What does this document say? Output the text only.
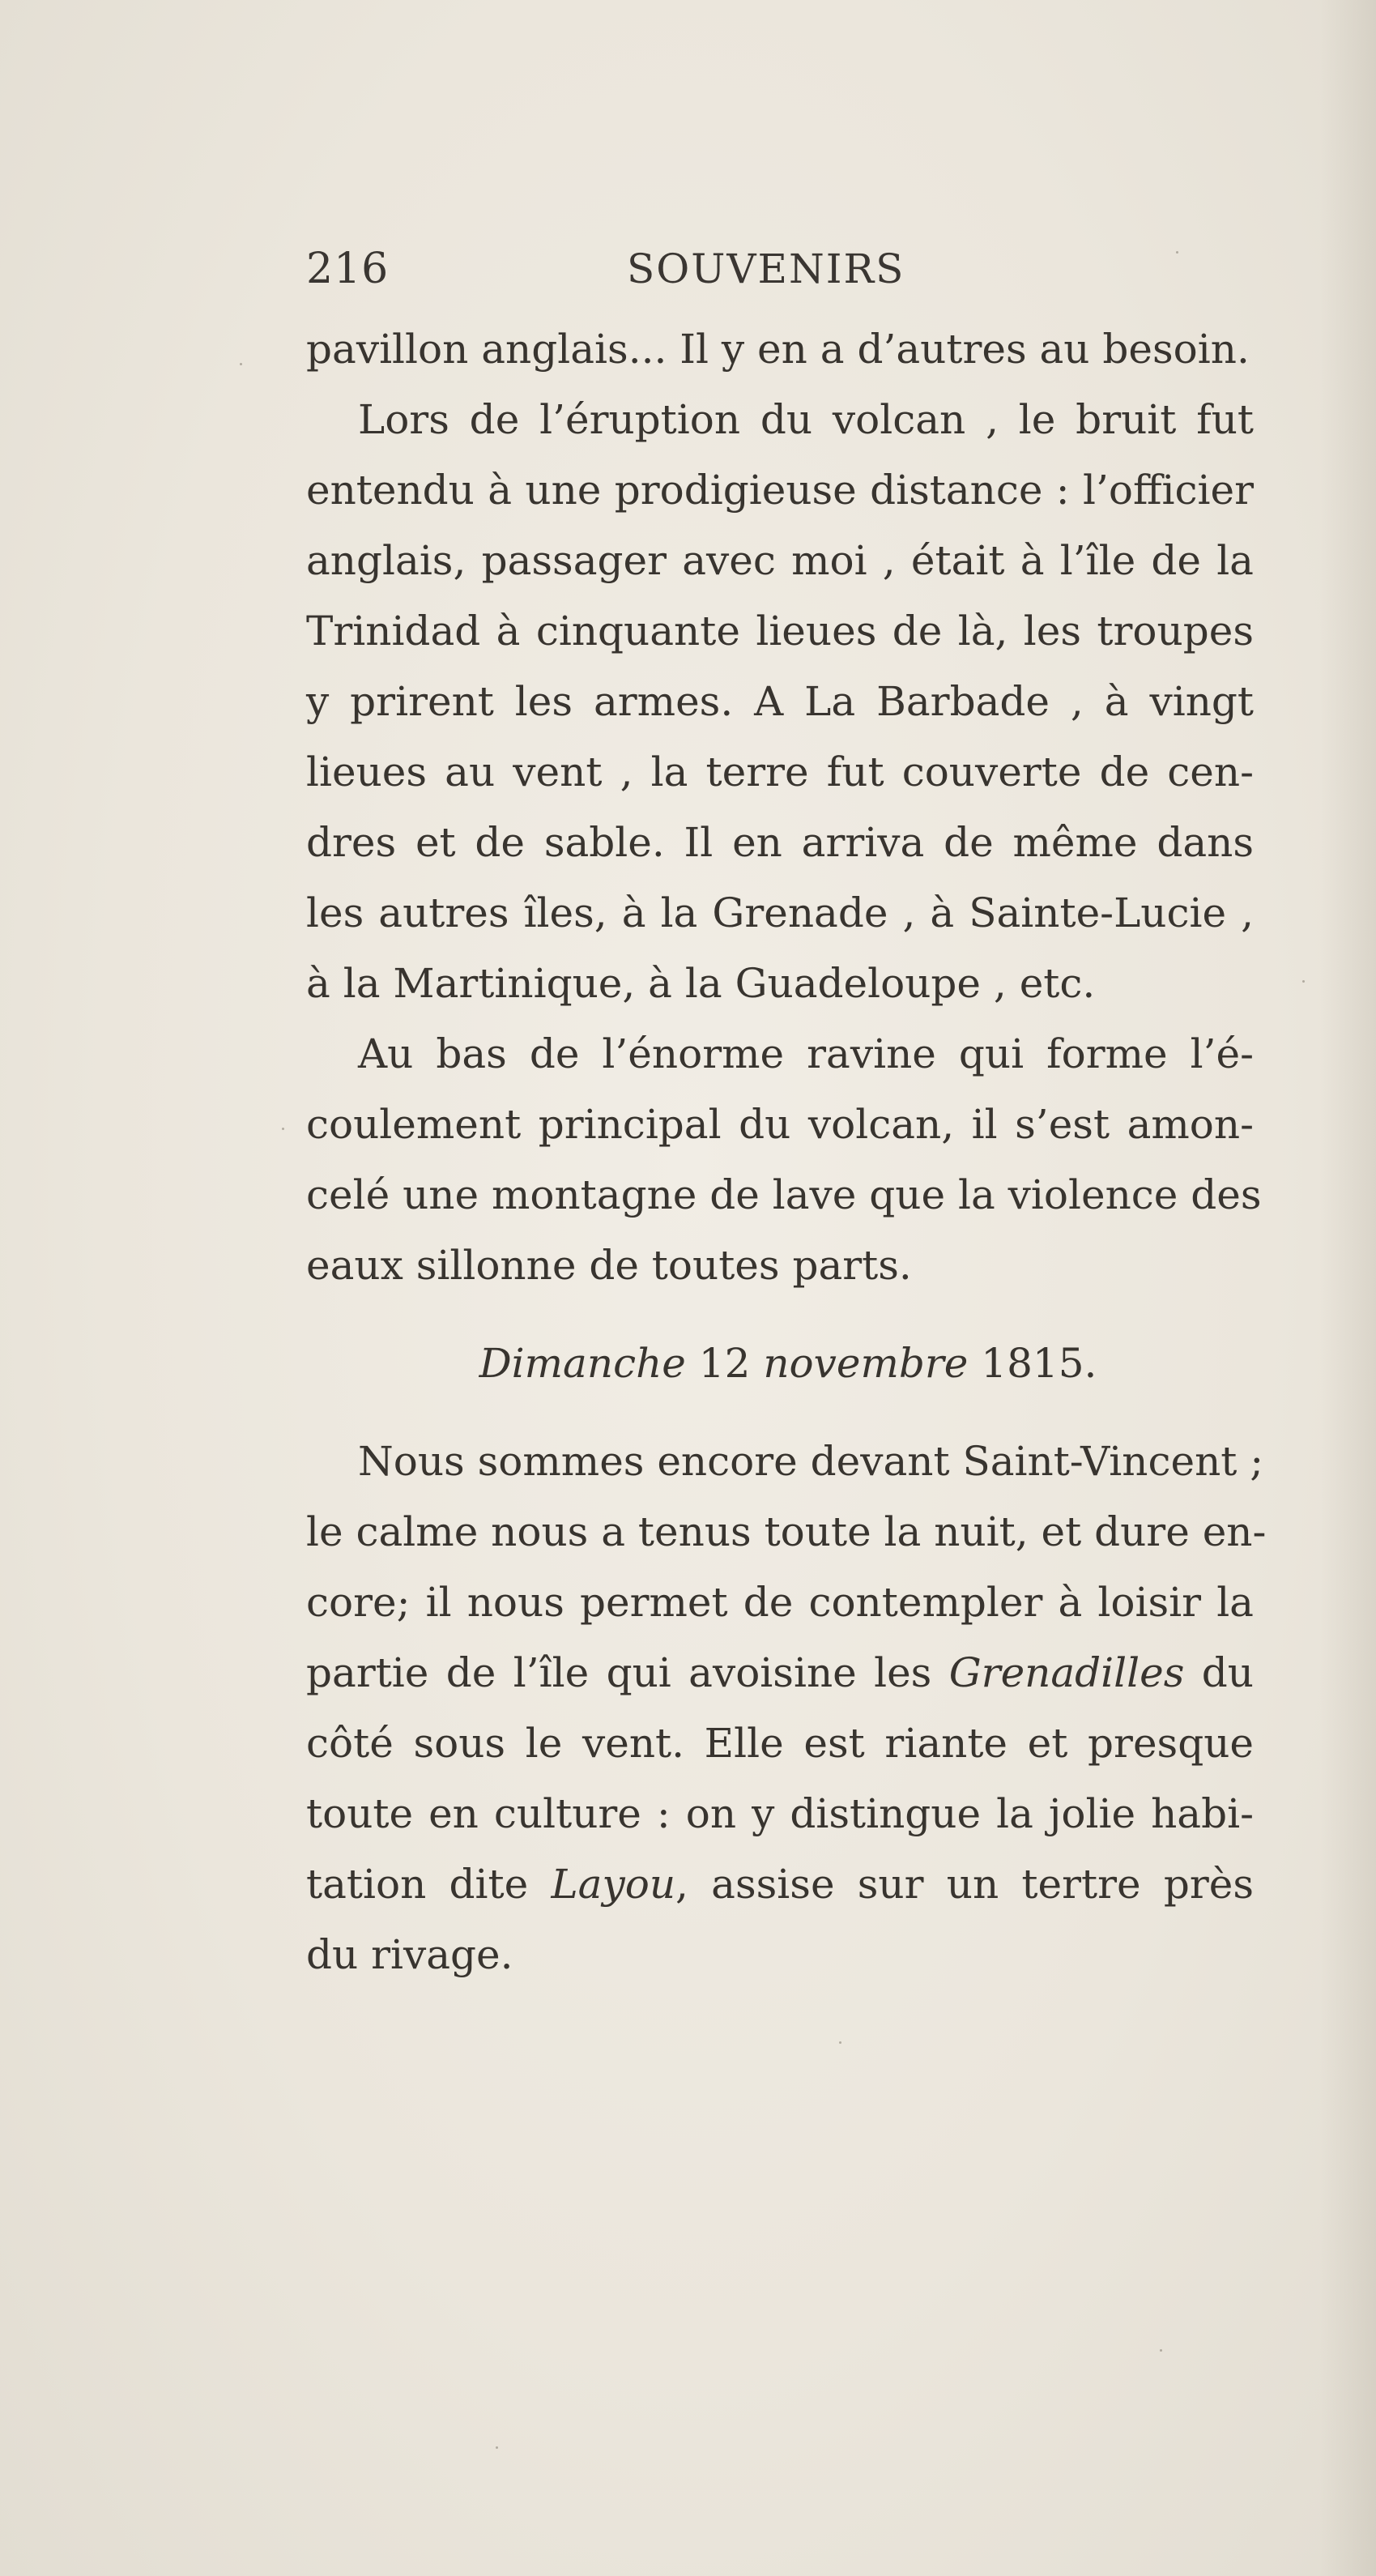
216	SOUVENIRS
pavillon anglais... Il y en a d’autres au besoin.
Lors de l’éruption du volcan , le bruit fut
entendu à une prodigieuse distance : l’officier
anglais, passager avec moi , était à l’île de la
Trinidad à cinquante lieues de là, les troupes
y prirent les armes. A La Barbade , à vingt
lieues au vent , la terre fut couverte de cen-
dres et de sable. Il en arriva de même dans
les autres îles, à la Grenade , à Sainte-Lucie ,
à la Martinique, à la Guadeloupe , etc.
Au bas de l’énorme ravine qui forme l’é-
coulement principal du volcan, il s’est amon-
celé une montagne de lave que la violence des
eaux sillonne de toutes parts.
Dimanche 12 novembre 1815.
Nous sommes encore devant Saint-Vincent ;
le calme nous a tenus toute la nuit, et dure en-
core; il nous permet de contempler à loisir la
partie de l’île qui avoisine les Grenadilles du
côté sous le vent. Elle est riante et presque
toute en culture : on y distingue la jolie habi-
tation dite Layou, assise sur un tertre près
du rivage.
